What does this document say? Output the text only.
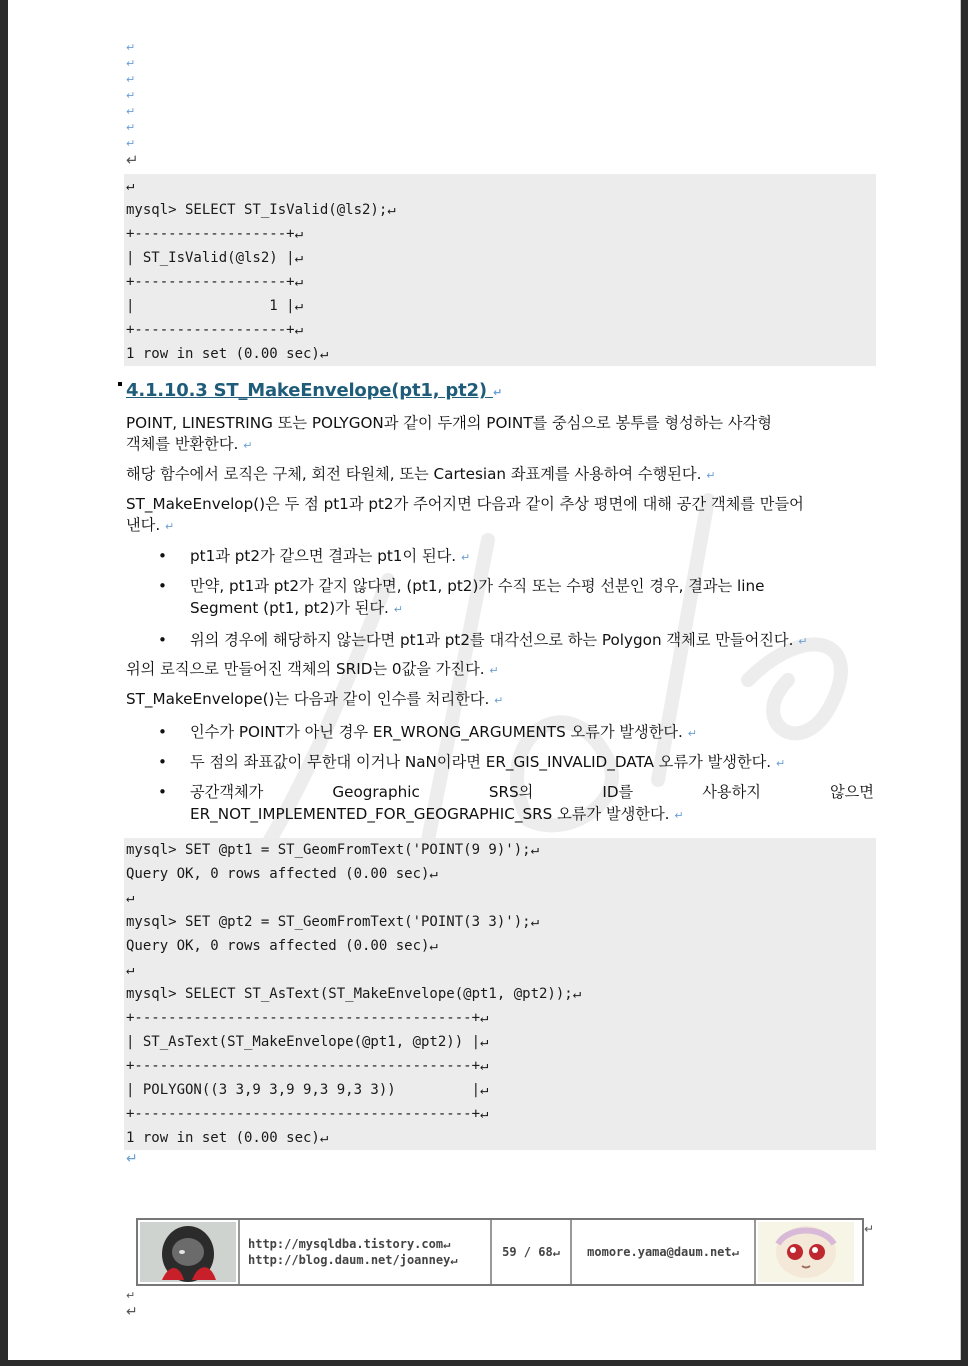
↵
↵
↵
↵
↵
↵
↵
↵
↵
mysql> SELECT ST_IsValid(@ls2);↵
+------------------+↵
| ST_IsValid(@ls2) |↵
+------------------+↵
|                1 |↵
+------------------+↵
1 row in set (0.00 sec)↵
4.1.10.3 ST_MakeEnvelope(pt1, pt2) ↵
POINT, LINESTRING 또는 POLYGON과 같이 두개의 POINT를 중심으로 봉투를 형성하는 사각형
객체를 반환한다. ↵
해당 함수에서 로직은 구체, 회전 타원체, 또는 Cartesian 좌표계를 사용하여 수행된다. ↵
ST_MakeEnvelop()은 두 점 pt1과 pt2가 주어지면 다음과 같이 추상 평면에 대해 공간 객체를 만들어
낸다. ↵
• pt1과 pt2가 같으면 결과는 pt1이 된다. ↵
• 만약, pt1과 pt2가 같지 않다면, (pt1, pt2)가 수직 또는 수평 선분인 경우, 결과는 line
Segment (pt1, pt2)가 된다. ↵
• 위의 경우에 해당하지 않는다면 pt1과 pt2를 대각선으로 하는 Polygon 객체로 만들어진다. ↵
위의 로직으로 만들어진 객체의 SRID는 0값을 가진다. ↵
ST_MakeEnvelope()는 다음과 같이 인수를 처리한다. ↵
• 인수가 POINT가 아닌 경우 ER_WRONG_ARGUMENTS 오류가 발생한다. ↵
• 두 점의 좌표값이 무한대 이거나 NaN이라면 ER_GIS_INVALID_DATA 오류가 발생한다. ↵
• 공간객체가	Geographic	SRS의	ID를	사용하지	않으면
ER_NOT_IMPLEMENTED_FOR_GEOGRAPHIC_SRS 오류가 발생한다. ↵
mysql> SET @pt1 = ST_GeomFromText('POINT(9 9)');↵
Query OK, 0 rows affected (0.00 sec)↵
↵
mysql> SET @pt2 = ST_GeomFromText('POINT(3 3)');↵
Query OK, 0 rows affected (0.00 sec)↵
↵
mysql> SELECT ST_AsText(ST_MakeEnvelope(@pt1, @pt2));↵
+----------------------------------------+↵
| ST_AsText(ST_MakeEnvelope(@pt1, @pt2)) |↵
+----------------------------------------+↵
| POLYGON((3 3,9 3,9 9,3 9,3 3))         |↵
+----------------------------------------+↵
1 row in set (0.00 sec)↵
↵
http://mysqldba.tistory.com↵
http://blog.daum.net/joanney↵
59 / 68↵ momore.yama@daum.net↵
↵
↵
↵
